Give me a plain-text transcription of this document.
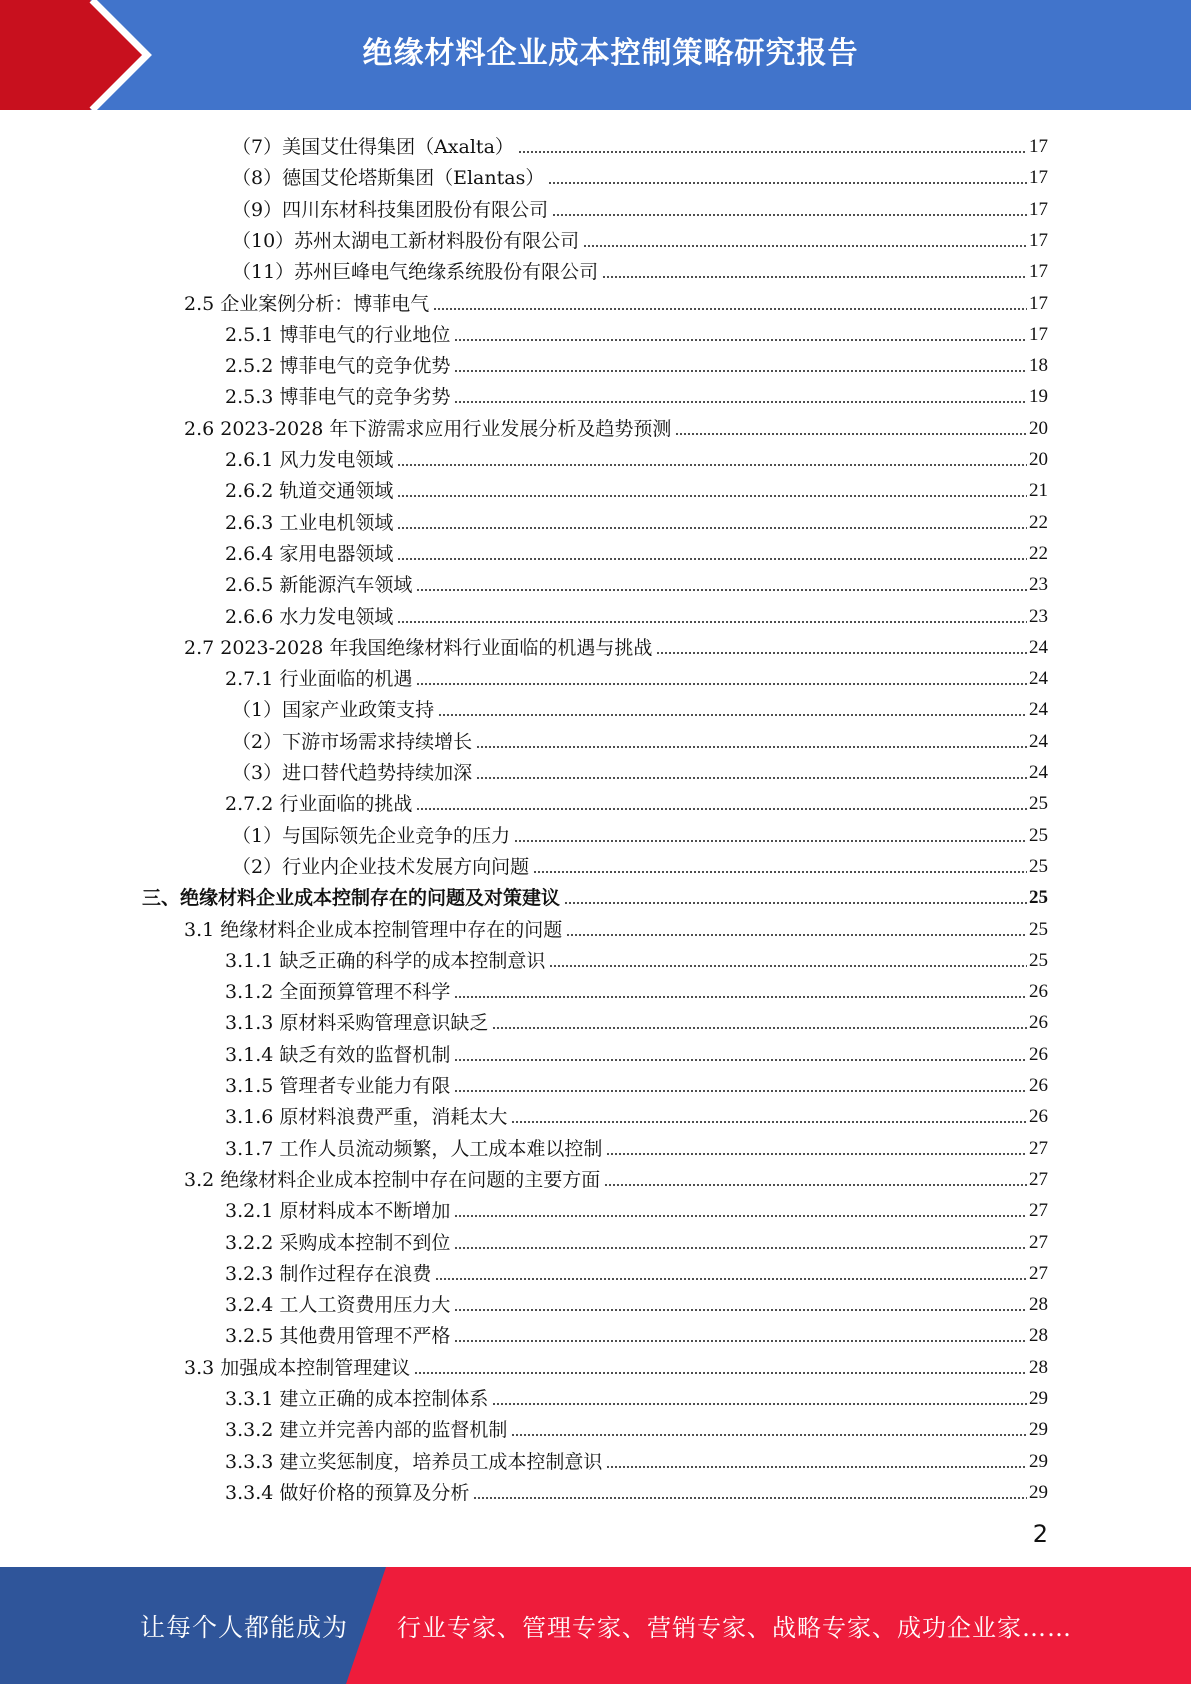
绝缘材料企业成本控制策略研究报告
（7）美国艾仕得集团（Axalta）	17
（8）德国艾伦塔斯集团（Elantas）	17
（9）四川东材科技集团股份有限公司	17
（10）苏州太湖电工新材料股份有限公司	17
（11）苏州巨峰电气绝缘系统股份有限公司	17
2.5 企业案例分析：博菲电气	17
2.5.1 博菲电气的行业地位	17
2.5.2 博菲电气的竞争优势	18
2.5.3 博菲电气的竞争劣势	19
2.6 2023-2028 年下游需求应用行业发展分析及趋势预测	20
2.6.1 风力发电领域	20
2.6.2 轨道交通领域	21
2.6.3 工业电机领域	22
2.6.4 家用电器领域	22
2.6.5 新能源汽车领域	23
2.6.6 水力发电领域	23
2.7 2023-2028 年我国绝缘材料行业面临的机遇与挑战	24
2.7.1 行业面临的机遇	24
（1）国家产业政策支持	24
（2）下游市场需求持续增长	24
（3）进口替代趋势持续加深	24
2.7.2 行业面临的挑战	25
（1）与国际领先企业竞争的压力	25
（2）行业内企业技术发展方向问题	25
三、绝缘材料企业成本控制存在的问题及对策建议	25
3.1 绝缘材料企业成本控制管理中存在的问题	25
3.1.1 缺乏正确的科学的成本控制意识	25
3.1.2 全面预算管理不科学	26
3.1.3 原材料采购管理意识缺乏	26
3.1.4 缺乏有效的监督机制	26
3.1.5 管理者专业能力有限	26
3.1.6 原材料浪费严重，消耗太大	26
3.1.7 工作人员流动频繁，人工成本难以控制	27
3.2 绝缘材料企业成本控制中存在问题的主要方面	27
3.2.1 原材料成本不断增加	27
3.2.2 采购成本控制不到位	27
3.2.3 制作过程存在浪费	27
3.2.4 工人工资费用压力大	28
3.2.5 其他费用管理不严格	28
3.3 加强成本控制管理建议	28
3.3.1 建立正确的成本控制体系	29
3.3.2 建立并完善内部的监督机制	29
3.3.3 建立奖惩制度，培养员工成本控制意识	29
3.3.4 做好价格的预算及分析	29
2
让每个人都能成为 行业专家、管理专家、营销专家、战略专家、成功企业家……
